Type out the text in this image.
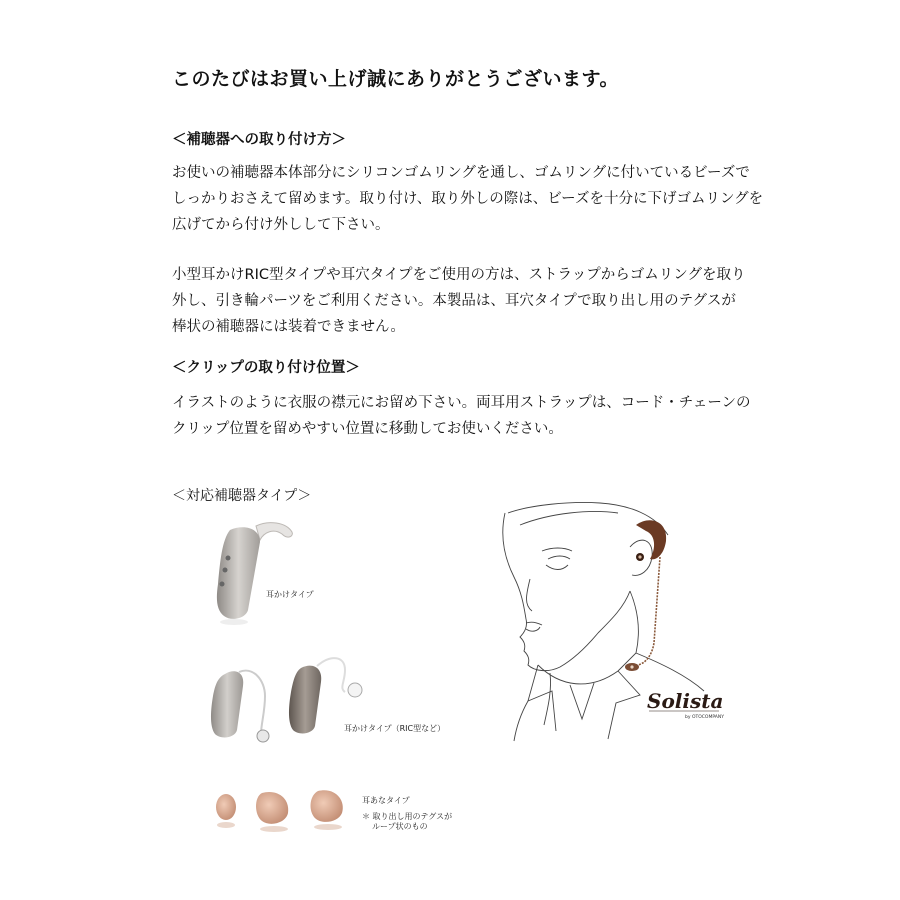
このたびはお買い上げ誠にありがとうございます。
＜補聴器への取り付け方＞
お使いの補聴器本体部分にシリコンゴムリングを通し、ゴムリングに付いているビーズで
しっかりおさえて留めます。取り付け、取り外しの際は、ビーズを十分に下げゴムリングを
広げてから付け外しして下さい。
小型耳かけRIC型タイプや耳穴タイプをご使用の方は、ストラップからゴムリングを取り
外し、引き輪パーツをご利用ください。本製品は、耳穴タイプで取り出し用のテグスが
棒状の補聴器には装着できません。
＜クリップの取り付け位置＞
イラストのように衣服の襟元にお留め下さい。両耳用ストラップは、コード・チェーンの
クリップ位置を留めやすい位置に移動してお使いください。
＜対応補聴器タイプ＞
耳かけタイプ
耳かけタイプ（RIC型など）
耳あなタイプ
＊ 取り出し用のテグスが
ループ状のもの
Solista
by OTOCOMPANY
